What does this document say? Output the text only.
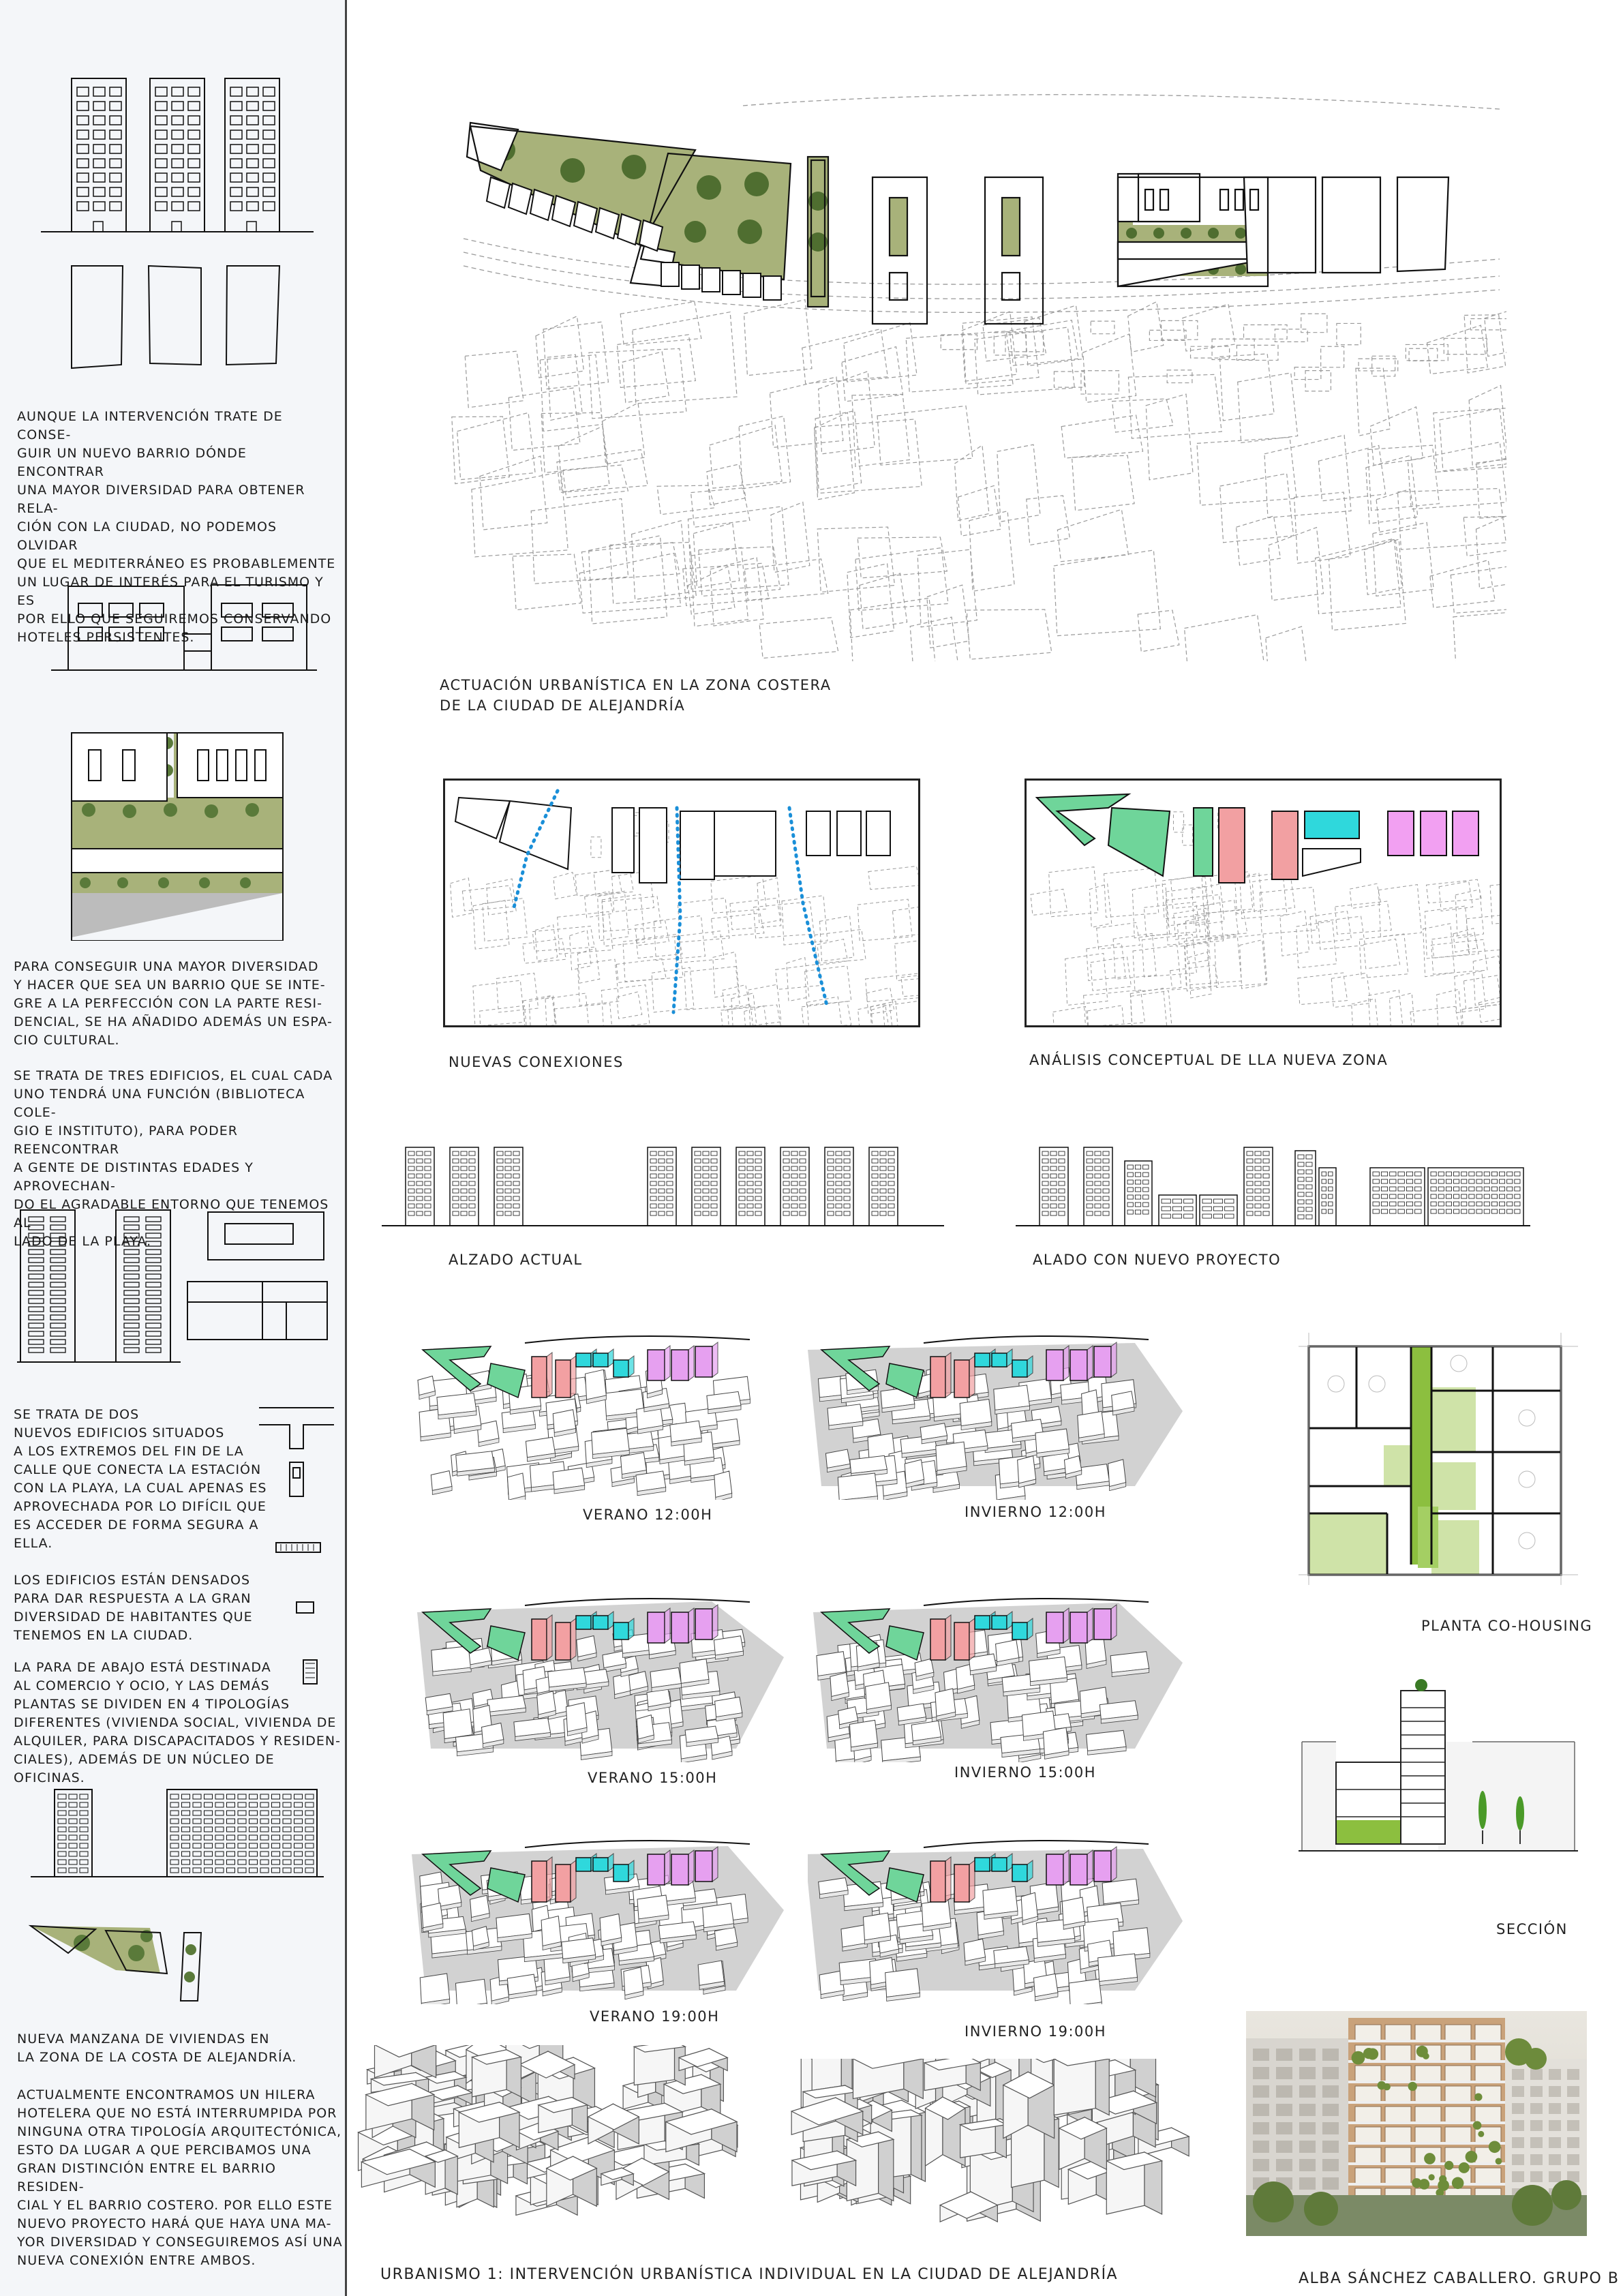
AUNQUE LA INTERVENCIÓN TRATE DE CONSE-
GUIR UN NUEVO BARRIO DÓNDE ENCONTRAR
UNA MAYOR DIVERSIDAD PARA OBTENER RELA-
CIÓN CON LA CIUDAD, NO PODEMOS OLVIDAR
QUE EL MEDITERRÁNEO ES PROBABLEMENTE
UN LUGAR DE INTERÉS PARA EL TURISMO Y ES
POR ELLO QUE SEGUIREMOS CONSERVANDO
HOTELES PERSISTENTES.
PARA CONSEGUIR UNA MAYOR DIVERSIDAD
Y HACER QUE SEA UN BARRIO QUE SE INTE-
GRE A LA PERFECCIÓN CON LA PARTE RESI-
DENCIAL, SE HA AÑADIDO ADEMÁS UN ESPA-
CIO CULTURAL.
SE TRATA DE TRES EDIFICIOS, EL CUAL CADA
UNO TENDRÁ UNA FUNCIÓN (BIBLIOTECA COLE-
GIO E INSTITUTO), PARA PODER REENCONTRAR
A GENTE DE DISTINTAS EDADES Y APROVECHAN-
DO EL AGRADABLE ENTORNO QUE TENEMOS AL
LADO DE LA PLAYA.
SE TRATA DE DOS
NUEVOS EDIFICIOS SITUADOS
A LOS EXTREMOS DEL FIN DE LA
CALLE QUE CONECTA LA ESTACIÓN
CON LA PLAYA, LA CUAL APENAS ES
APROVECHADA POR LO DIFÍCIL QUE
ES ACCEDER DE FORMA SEGURA A
ELLA.
LOS EDIFICIOS ESTÁN DENSADOS
PARA DAR RESPUESTA A LA GRAN
DIVERSIDAD DE HABITANTES QUE
TENEMOS EN LA CIUDAD.
LA PARA DE ABAJO ESTÁ DESTINADA
AL COMERCIO Y OCIO, Y LAS DEMÁS
PLANTAS SE DIVIDEN EN 4 TIPOLOGÍAS
DIFERENTES (VIVIENDA SOCIAL, VIVIENDA DE
ALQUILER, PARA DISCAPACITADOS Y RESIDEN-
CIALES), ADEMÁS DE UN NÚCLEO DE OFICINAS.
NUEVA MANZANA DE VIVIENDAS EN
LA ZONA DE LA COSTA DE ALEJANDRÍA.
ACTUALMENTE ENCONTRAMOS UN HILERA
HOTELERA QUE NO ESTÁ INTERRUMPIDA POR
NINGUNA OTRA TIPOLOGÍA ARQUITECTÓNICA,
ESTO DA LUGAR A QUE PERCIBAMOS UNA
GRAN DISTINCIÓN ENTRE EL BARRIO RESIDEN-
CIAL Y EL BARRIO COSTERO. POR ELLO ESTE
NUEVO PROYECTO HARÁ QUE HAYA UNA MA-
YOR DIVERSIDAD Y CONSEGUIREMOS ASÍ UNA
NUEVA CONEXIÓN ENTRE AMBOS.
ACTUACIÓN URBANÍSTICA EN LA ZONA COSTERA
DE LA CIUDAD DE ALEJANDRÍA
NUEVAS CONEXIONES	ANÁLISIS CONCEPTUAL DE LLA NUEVA ZONA
ALZADO ACTUAL	ALADO CON NUEVO PROYECTO
VERANO 12:00H	INVIERNO 12:00H
VERANO 15:00H	INVIERNO 15:00H
VERANO 19:00H
INVIERNO 19:00H
PLANTA CO-HOUSING
SECCIÓN
URBANISMO 1: INTERVENCIÓN URBANÍSTICA INDIVIDUAL EN LA CIUDAD DE ALEJANDRÍA	ALBA SÁNCHEZ CABALLERO. GRUPO B
